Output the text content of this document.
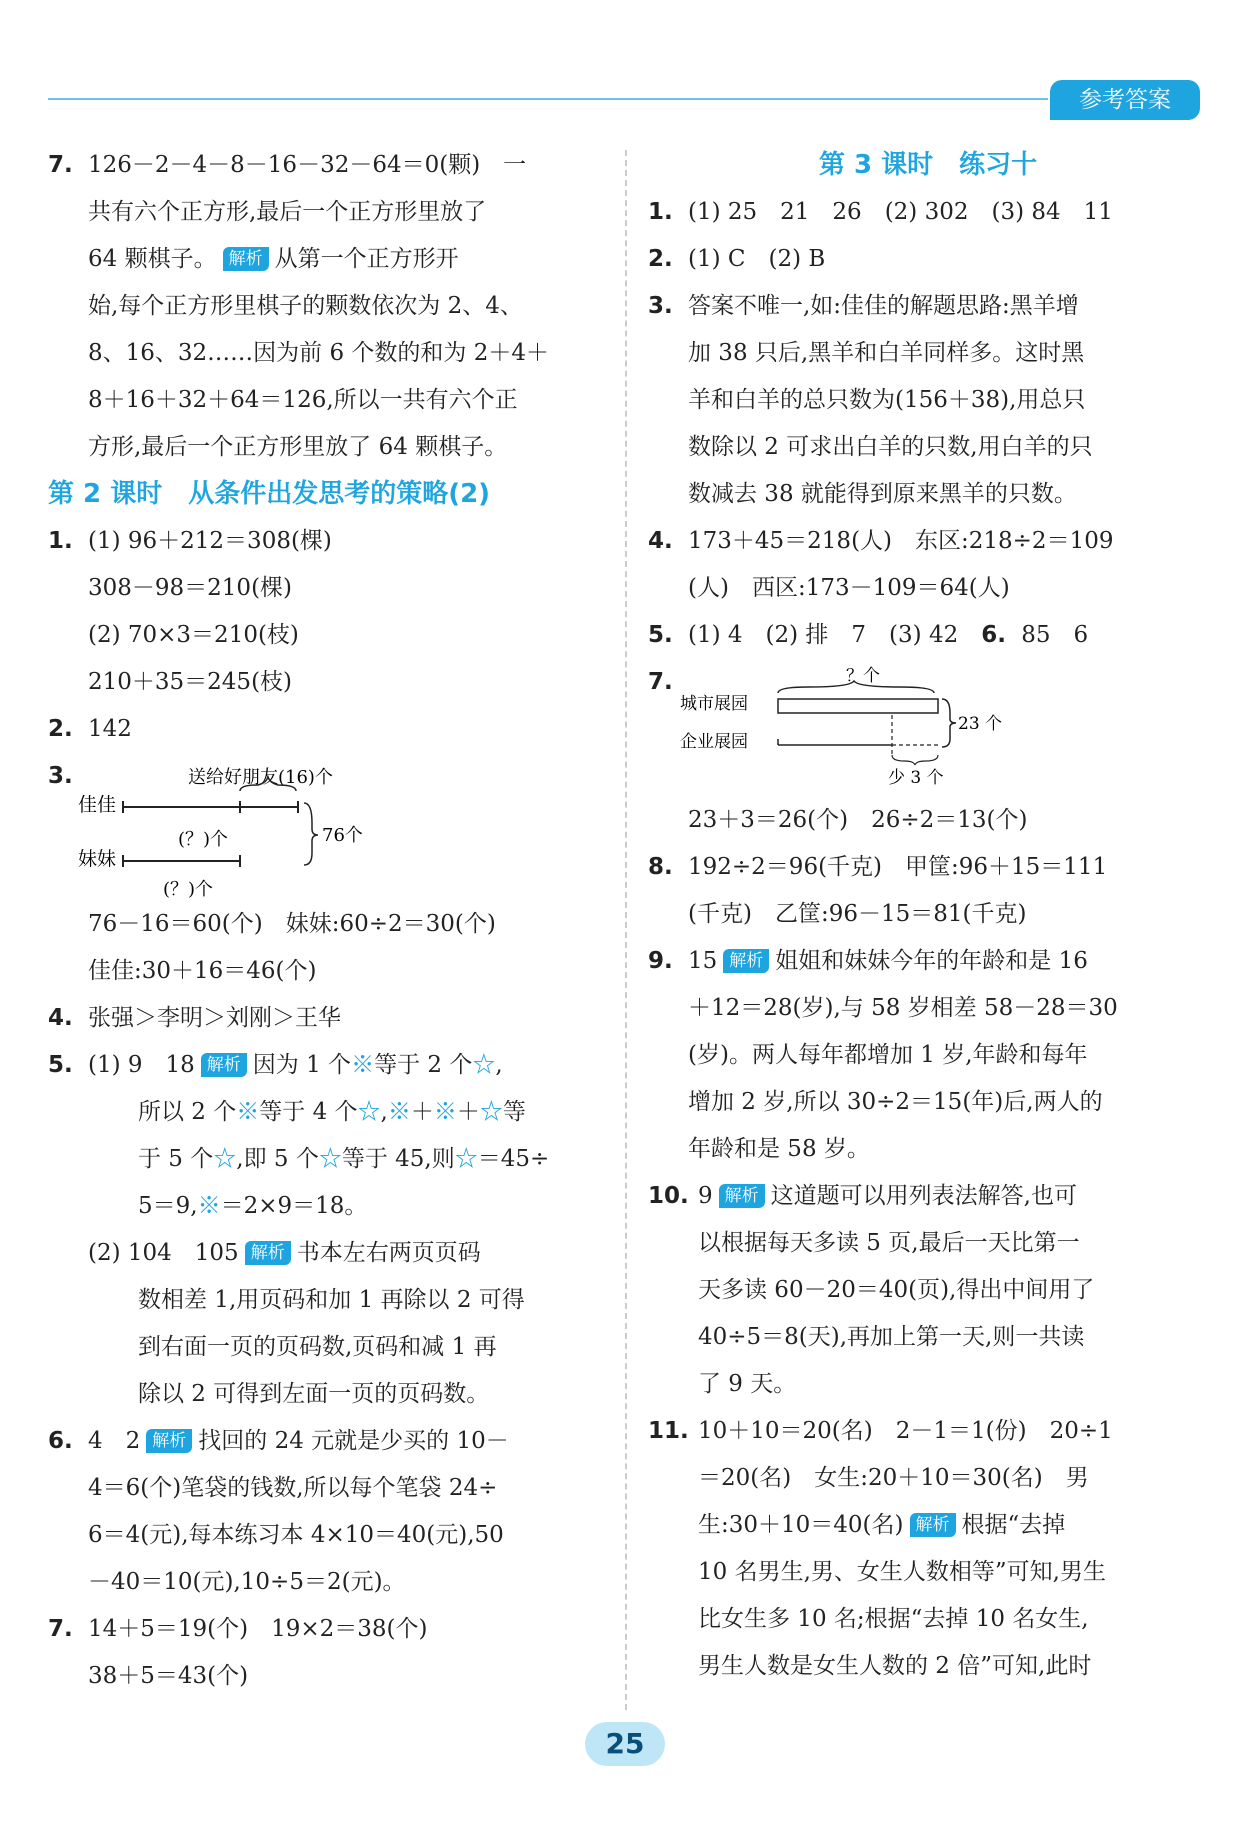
参考答案
7. 126－2－4－8－16－32－64＝0(颗)　一
共有六个正方形,最后一个正方形里放了
64 颗棋子。 解析 从第一个正方形开
始,每个正方形里棋子的颗数依次为 2、4、
8、16、32……因为前 6 个数的和为 2＋4＋
8＋16＋32＋64＝126,所以一共有六个正
方形,最后一个正方形里放了 64 颗棋子。
第 2 课时　从条件出发思考的策略(2)
1. (1) 96＋212＝308(棵)
308－98＝210(棵)
(2) 70×3＝210(枝)
210＋35＝245(枝)
2. 142
3.	送给好朋友(16)个
佳佳
(？)个
妹妹
(？)个
76个
76－16＝60(个)　妹妹:60÷2＝30(个)
佳佳:30＋16＝46(个)
4. 张强＞李明＞刘刚＞王华
5. (1) 9　18 解析 因为 1 个※等于 2 个☆,
所以 2 个※等于 4 个☆,※＋※＋☆等
于 5 个☆,即 5 个☆等于 45,则☆＝45÷
5＝9,※＝2×9＝18。
(2) 104　105 解析 书本左右两页页码
数相差 1,用页码和加 1 再除以 2 可得
到右面一页的页码数,页码和减 1 再
除以 2 可得到左面一页的页码数。
6. 4　2 解析 找回的 24 元就是少买的 10－
4＝6(个)笔袋的钱数,所以每个笔袋 24÷
6＝4(元),每本练习本 4×10＝40(元),50
－40＝10(元),10÷5＝2(元)。
7. 14＋5＝19(个)　19×2＝38(个)
38＋5＝43(个)
第 3 课时　练习十
1. (1) 25　21　26　(2) 302　(3) 84　11
2. (1) C　(2) B
3. 答案不唯一,如:佳佳的解题思路:黑羊增
加 38 只后,黑羊和白羊同样多。这时黑
羊和白羊的总只数为(156＋38),用总只
数除以 2 可求出白羊的只数,用白羊的只
数减去 38 就能得到原来黑羊的只数。
4. 173＋45＝218(人)　东区:218÷2＝109
(人)　西区:173－109＝64(人)
5. (1) 4　(2) 排　7　(3) 42　 6. 85　6
7.	？个
城市展园
企业展园
少 3 个
23 个
23＋3＝26(个)　26÷2＝13(个)
8. 192÷2＝96(千克)　甲筐:96＋15＝111
(千克)　乙筐:96－15＝81(千克)
9. 15 解析 姐姐和妹妹今年的年龄和是 16
＋12＝28(岁),与 58 岁相差 58－28＝30
(岁)。两人每年都增加 1 岁,年龄和每年
增加 2 岁,所以 30÷2＝15(年)后,两人的
年龄和是 58 岁。
10. 9 解析 这道题可以用列表法解答,也可
以根据每天多读 5 页,最后一天比第一
天多读 60－20＝40(页),得出中间用了
40÷5＝8(天),再加上第一天,则一共读
了 9 天。
11. 10＋10＝20(名)　2－1＝1(份)　20÷1
＝20(名)　女生:20＋10＝30(名)　男
生:30＋10＝40(名) 解析 根据“去掉
10 名男生,男、女生人数相等”可知,男生
比女生多 10 名;根据“去掉 10 名女生,
男生人数是女生人数的 2 倍”可知,此时
25
